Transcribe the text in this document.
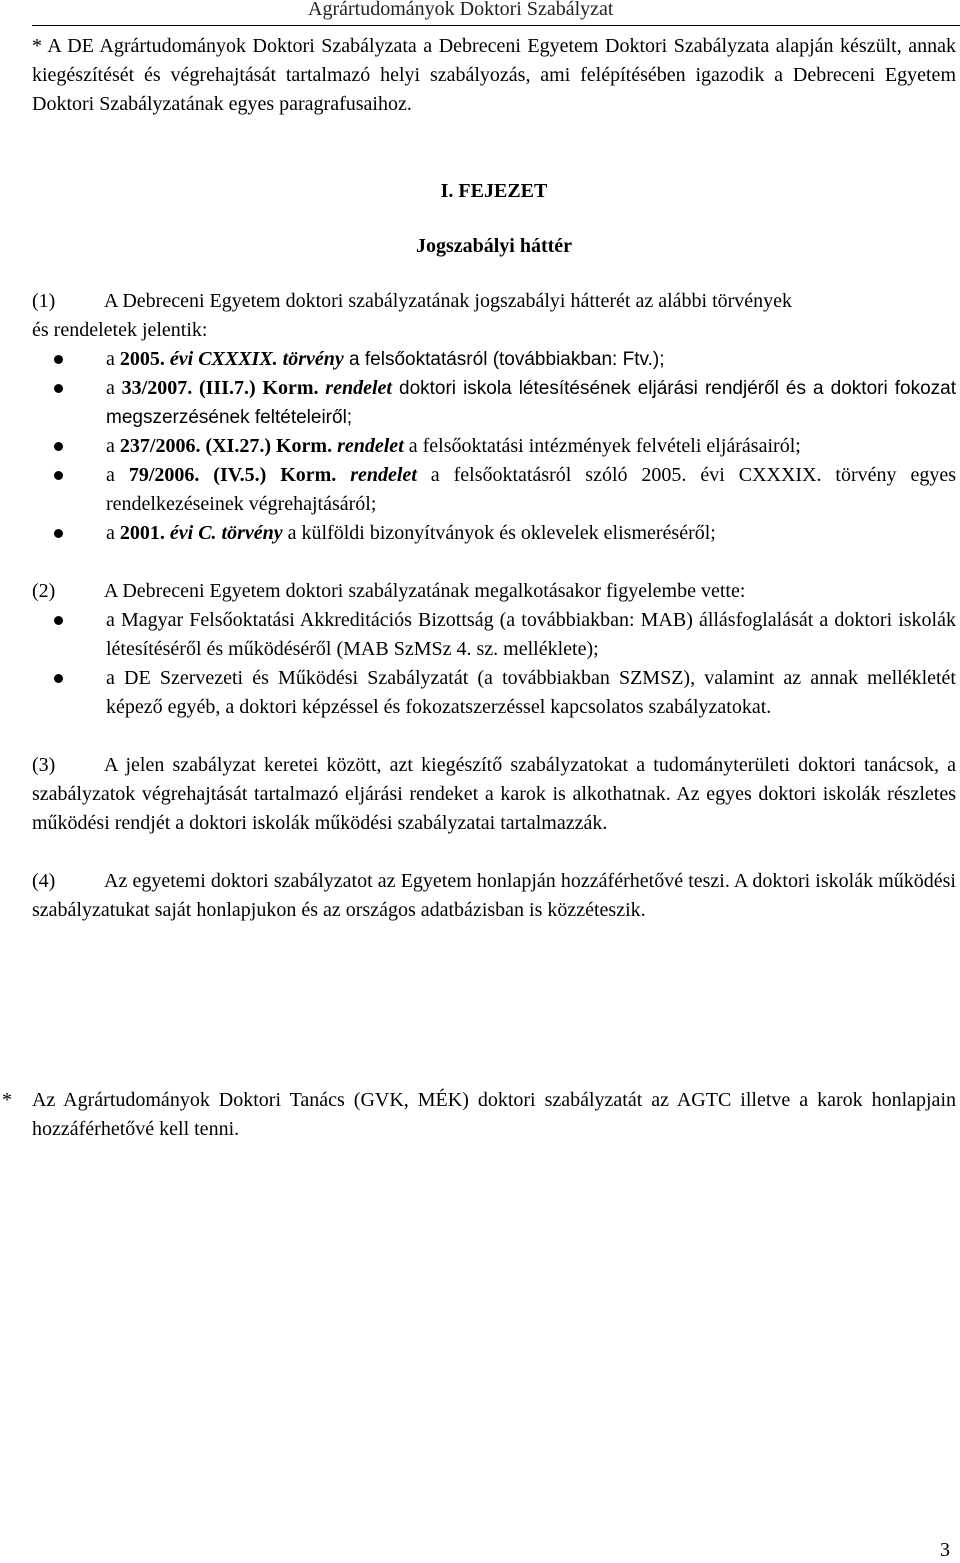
Agrártudományok Doktori Szabályzat

* A DE Agrártudományok Doktori Szabályzata a Debreceni Egyetem Doktori Szabályzata alapján készült, annak kiegészítését és végrehajtását tartalmazó helyi szabályozás, ami felépítésében igazodik a Debreceni Egyetem Doktori Szabályzatának egyes paragrafusaihoz.

I. FEJEZET

Jogszabályi háttér

(1) A Debreceni Egyetem doktori szabályzatának jogszabályi hátterét az alábbi törvények

és rendeletek jelentik:

a 2005. évi CXXXIX. törvény a felsőoktatásról (továbbiakban: Ftv.);
a 33/2007. (III.7.) Korm. rendelet doktori iskola létesítésének eljárási rendjéről és a doktori fokozat megszerzésének feltételeiről;
a 237/2006. (XI.27.) Korm. rendelet a felsőoktatási intézmények felvételi eljárásairól;
a 79/2006. (IV.5.) Korm. rendelet a felsőoktatásról szóló 2005. évi CXXXIX. törvény egyes rendelkezéseinek végrehajtásáról;
a 2001. évi C. törvény a külföldi bizonyítványok és oklevelek elismeréséről;

(2) A Debreceni Egyetem doktori szabályzatának megalkotásakor figyelembe vette:

a Magyar Felsőoktatási Akkreditációs Bizottság (a továbbiakban: MAB) állásfoglalását a doktori iskolák létesítéséről és működéséről (MAB SzMSz 4. sz. melléklete);
a DE Szervezeti és Működési Szabályzatát (a továbbiakban SZMSZ), valamint az annak mellékletét képező egyéb, a doktori képzéssel és fokozatszerzéssel kapcsolatos szabályzatokat.

(3) A jelen szabályzat keretei között, azt kiegészítő szabályzatokat a tudományterületi doktori tanácsok, a szabályzatok végrehajtását tartalmazó eljárási rendeket a karok is alkothatnak. Az egyes doktori iskolák részletes működési rendjét a doktori iskolák működési szabályzatai tartalmazzák.

(4) Az egyetemi doktori szabályzatot az Egyetem honlapján hozzáférhetővé teszi. A doktori iskolák működési szabályzatukat saját honlapjukon és az országos adatbázisban is közzéteszik.

* Az Agrártudományok Doktori Tanács (GVK, MÉK) doktori szabályzatát az AGTC illetve a karok honlapjain hozzáférhetővé kell tenni.

3
